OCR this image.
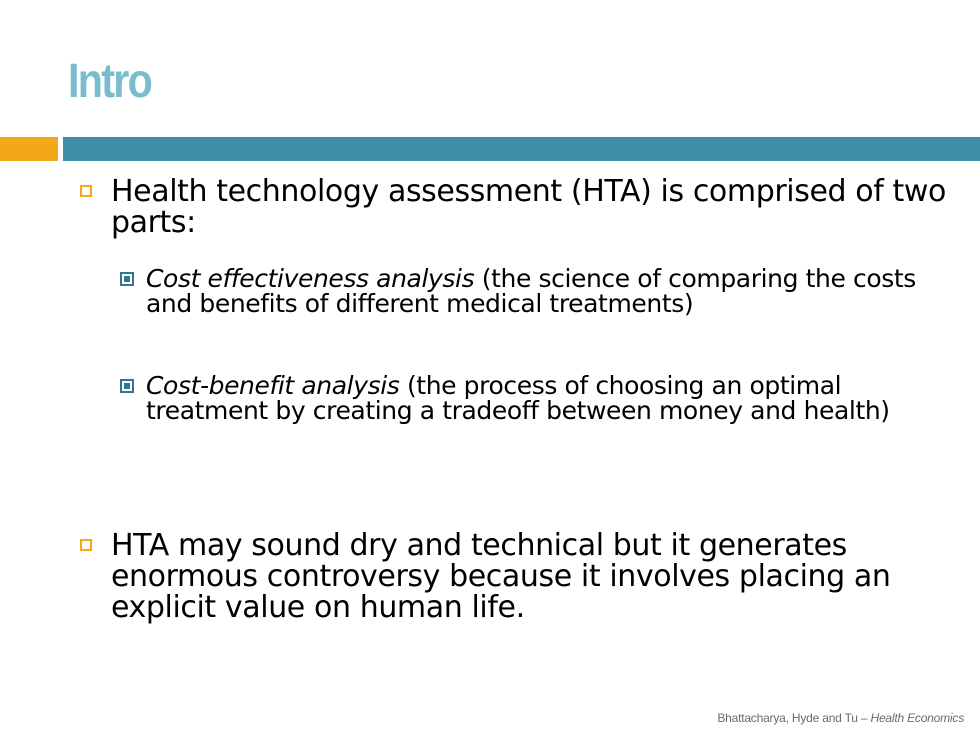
Intro
Health technology assessment (HTA) is comprised of two parts:
Cost effectiveness analysis (the science of comparing the costs and benefits of different medical treatments)
Cost-benefit analysis (the process of choosing an optimal treatment by creating a tradeoff between money and health)
HTA may sound dry and technical but it generates enormous controversy because it involves placing an explicit value on human life.
Bhattacharya, Hyde and Tu – Health Economics
